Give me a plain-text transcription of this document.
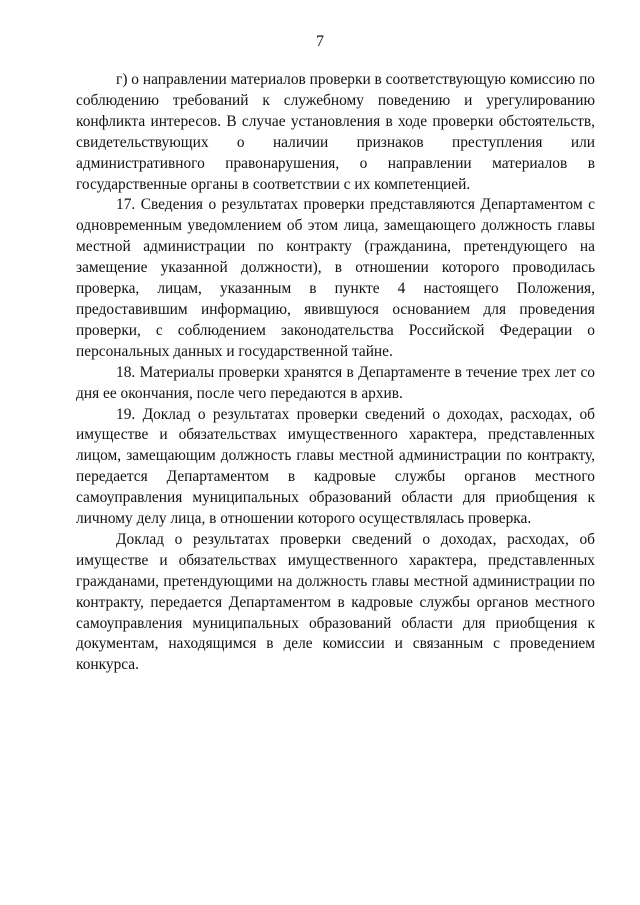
7

г) о направлении материалов проверки в соответствующую комиссию по соблюдению требований к служебному поведению и урегулированию конфликта интересов. В случае установления в ходе проверки обстоятельств, свидетельствующих о наличии признаков преступления или административного правонарушения, о направлении материалов в государственные органы в соответствии с их компетенцией.

17. Сведения о результатах проверки представляются Департаментом с одновременным уведомлением об этом лица, замещающего должность главы местной администрации по контракту (гражданина, претендующего на замещение указанной должности), в отношении которого проводилась проверка, лицам, указанным в пункте 4 настоящего Положения, предоставившим информацию, явившуюся основанием для проведения проверки, с соблюдением законодательства Российской Федерации о персональных данных и государственной тайне.

18. Материалы проверки хранятся в Департаменте в течение трех лет со дня ее окончания, после чего передаются в архив.

19. Доклад о результатах проверки сведений о доходах, расходах, об имуществе и обязательствах имущественного характера, представленных лицом, замещающим должность главы местной администрации по контракту, передается Департаментом в кадровые службы органов местного самоуправления муниципальных образований области для приобщения к личному делу лица, в отношении которого осуществлялась проверка.

Доклад о результатах проверки сведений о доходах, расходах, об имуществе и обязательствах имущественного характера, представленных гражданами, претендующими на должность главы местной администрации по контракту, передается Департаментом в кадровые службы органов местного самоуправления муниципальных образований области для приобщения к документам, находящимся в деле комиссии и связанным с проведением конкурса.
